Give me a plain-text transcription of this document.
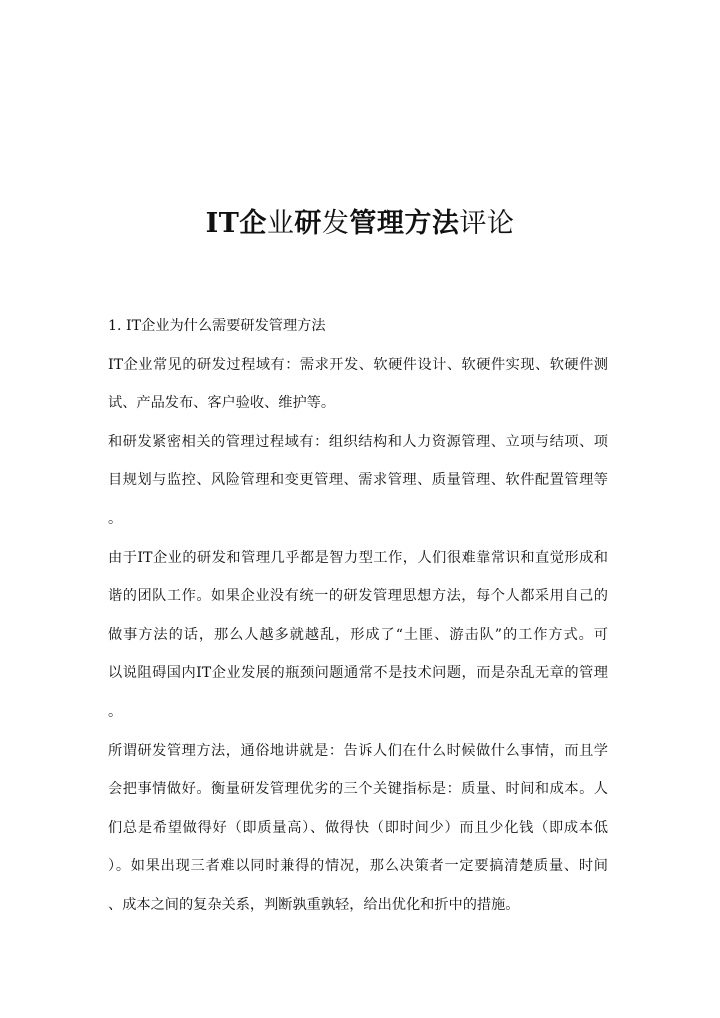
IT企业研发管理方法评论
1. IT企业为什么需要研发管理方法
IT企业常见的研发过程域有：需求开发、软硬件设计、软硬件实现、软硬件测
试、产品发布、客户验收、维护等。
和研发紧密相关的管理过程域有：组织结构和人力资源管理、立项与结项、项
目规划与监控、风险管理和变更管理、需求管理、质量管理、软件配置管理等
。
由于IT企业的研发和管理几乎都是智力型工作，人们很难靠常识和直觉形成和
谐的团队工作。如果企业没有统一的研发管理思想方法，每个人都采用自己的
做事方法的话，那么人越多就越乱，形成了“土匪、游击队”的工作方式。可
以说阻碍国内IT企业发展的瓶颈问题通常不是技术问题，而是杂乱无章的管理
。
所谓研发管理方法，通俗地讲就是：告诉人们在什么时候做什么事情，而且学
会把事情做好。衡量研发管理优劣的三个关键指标是：质量、时间和成本。人
们总是希望做得好（即质量高）、做得快（即时间少）而且少化钱（即成本低
）。如果出现三者难以同时兼得的情况，那么决策者一定要搞清楚质量、时间
、成本之间的复杂关系，判断孰重孰轻，给出优化和折中的措施。
